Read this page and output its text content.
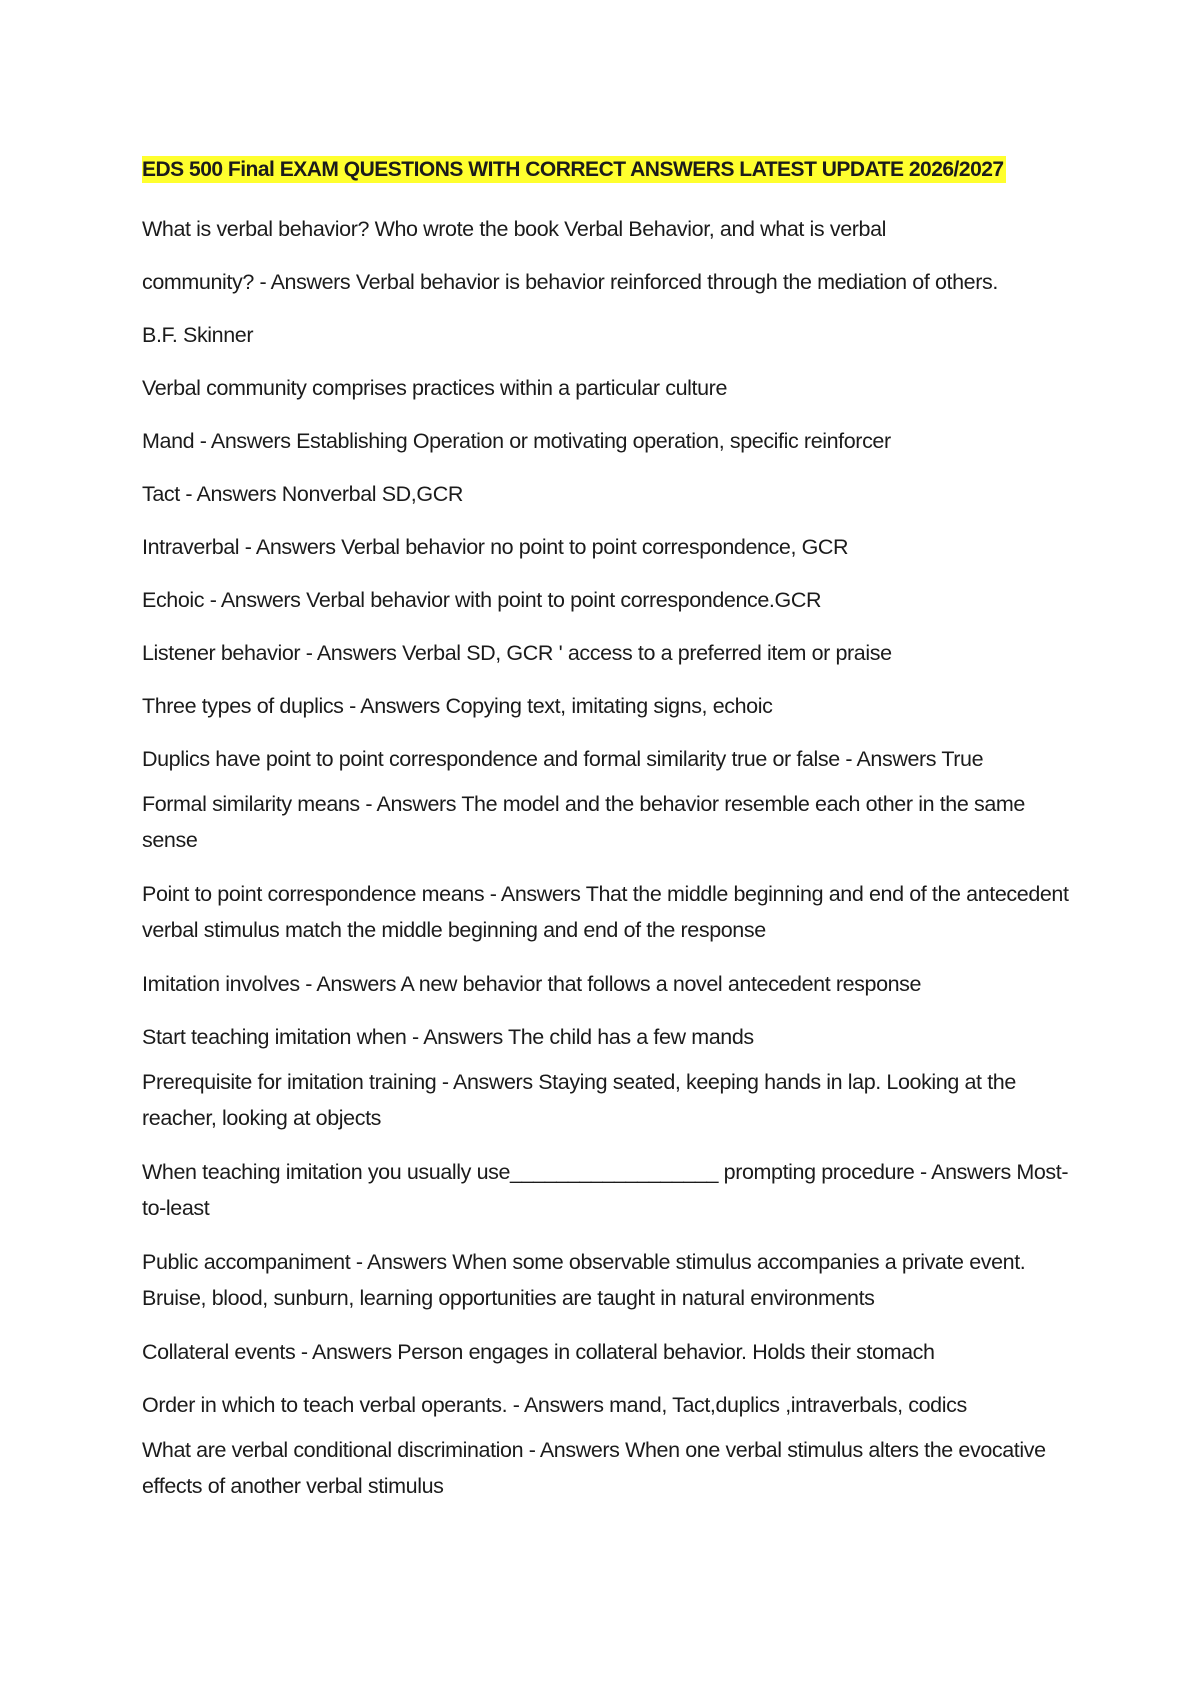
EDS 500 Final EXAM QUESTIONS WITH CORRECT ANSWERS LATEST UPDATE 2026/2027
What is verbal behavior? Who wrote the book Verbal Behavior, and what is verbal
community? - Answers Verbal behavior is behavior reinforced through the mediation of others.
B.F. Skinner
Verbal community comprises practices within a particular culture
Mand - Answers Establishing Operation or motivating operation, specific reinforcer
Tact - Answers Nonverbal SD,GCR
Intraverbal - Answers Verbal behavior no point to point correspondence, GCR
Echoic - Answers Verbal behavior with point to point correspondence.GCR
Listener behavior - Answers Verbal SD, GCR ' access to a preferred item or praise
Three types of duplics - Answers Copying text, imitating signs, echoic
Duplics have point to point correspondence and formal similarity true or false - Answers True
Formal similarity means - Answers The model and the behavior resemble each other in the same sense
Point to point correspondence means - Answers That the middle beginning and end of the antecedent verbal stimulus match the middle beginning and end of the response
Imitation involves - Answers A new behavior that follows a novel antecedent response
Start teaching imitation when - Answers The child has a few mands
Prerequisite for imitation training - Answers Staying seated, keeping hands in lap. Looking at the reacher, looking at objects
When teaching imitation you usually use__________________ prompting procedure - Answers Most-to-least
Public accompaniment - Answers When some observable stimulus accompanies a private event. Bruise, blood, sunburn, learning opportunities are taught in natural environments
Collateral events - Answers Person engages in collateral behavior. Holds their stomach
Order in which to teach verbal operants. - Answers mand, Tact,duplics ,intraverbals, codics
What are verbal conditional discrimination - Answers When one verbal stimulus alters the evocative effects of another verbal stimulus
